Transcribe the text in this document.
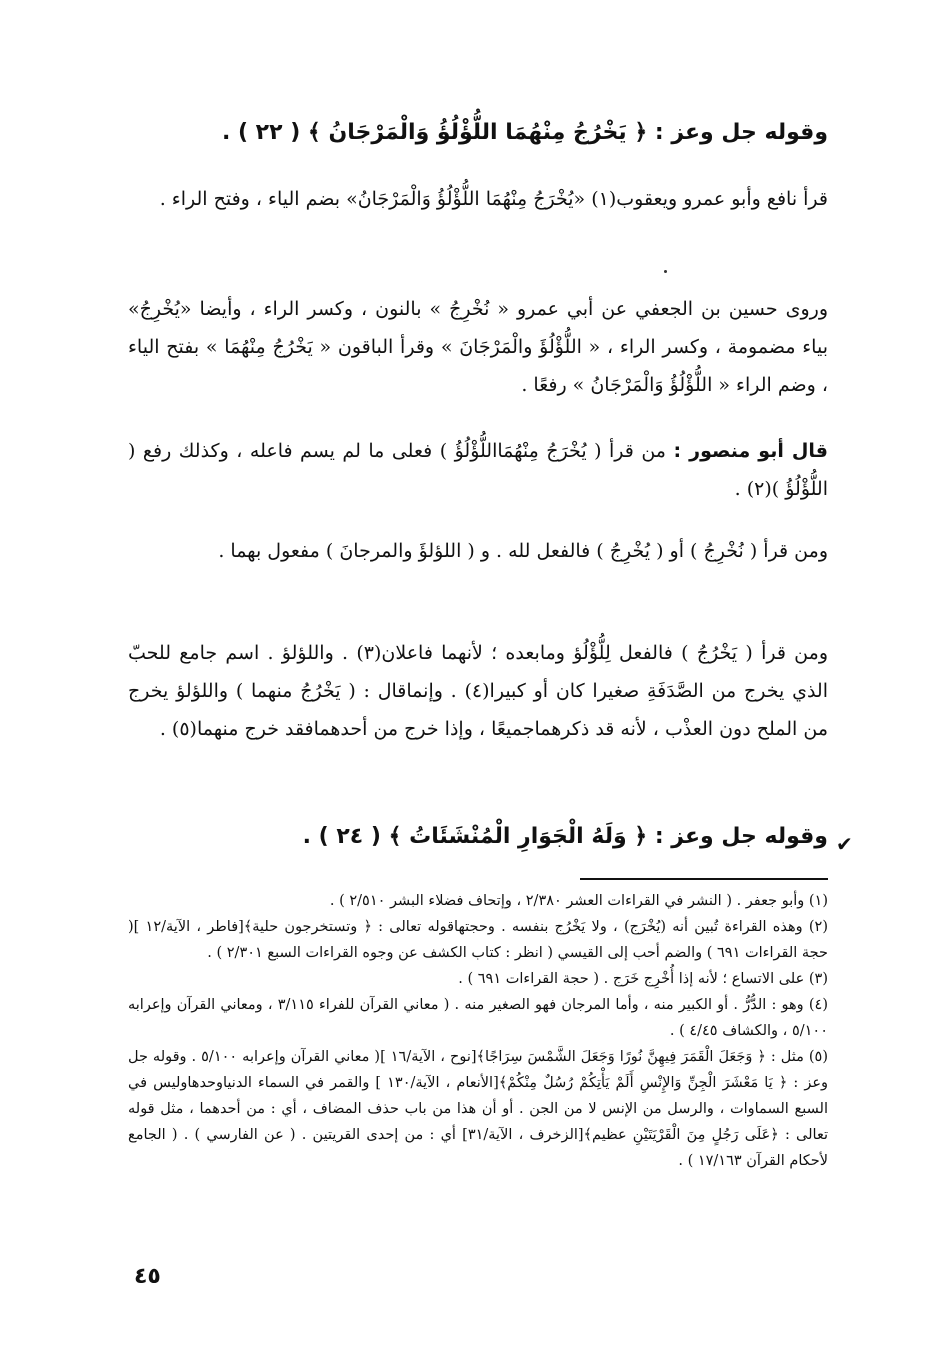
وقوله جل وعز : ﴿ يَخْرُجُ مِنْهُمَا اللُّؤْلُؤُ وَالْمَرْجَانُ ﴾ ( ٢٢ ) .
قرأ نافع وأبو عمرو ويعقوب(١) «يُخْرَجُ مِنْهُمَا اللُّؤْلُؤُ وَالْمَرْجَانُ» بضم الياء ، وفتح الراء .
وروى حسين بن الجعفي عن أبي عمرو « نُخْرِجُ » بالنون ، وكسر الراء ، وأيضا «يُخْرِجُ» بياء مضمومة ، وكسر الراء ، « اللُّؤْلُؤَ والْمَرْجَانَ » وقرأ الباقون « يَخْرُجُ مِنْهُمَا » بفتح الياء ، وضم الراء « اللُّؤْلُؤُ وَالْمَرْجَانُ » رفعًا .
قال أبو منصور : من قرأ ( يُخْرَجُ مِنْهُمَااللُّؤْلُؤُ ) فعلى ما لم يسم فاعله ، وكذلك رفع ( اللُّؤْلُؤُ )(٢) .
ومن قرأ ( نُخْرِجُ ) أو ( يُخْرِجُ ) فالفعل لله . و ( اللؤلؤَ والمرجانَ ) مفعول بهما .
ومن قرأ ( يَخْرُجُ ) فالفعل لِلُّؤْلُؤ ومابعده ؛ لأنهما فاعلان(٣) . واللؤلؤ . اسم جامع للحبّ الذي يخرج من الصَّدَفَةِ صغيرا كان أو كبيرا(٤) . وإنماقال : ( يَخْرُجُ منهما ) واللؤلؤ يخرج من الملح دون العذْب ، لأنه قد ذكرهماجميعًا ، وإذا خرج من أحدهمافقد خرج منهما(٥) .
وقوله جل وعز : ﴿ وَلَهُ الْجَوَارِ الْمُنْشَئَاتُ ﴾ ( ٢٤ ) . ✔

(١) وأبو جعفر . ( النشر في القراءات العشر ٢/٣٨٠ ، وإتحاف فضلاء البشر ٢/٥١٠ ) .

(٢) وهذه القراءة تُبين أنه (يُخْرَج) ، ولا يَخْرُج بنفسه . وحجتهاقوله تعالى : ﴿ وتستخرجون حلية﴾[فاطر ، الآية/١٢ ]( حجة القراءات ٦٩١ ) والضم أحب إلى القيسي ( انظر : كتاب الكشف عن وجوه القراءات السبع ٢/٣٠١ ) .

(٣) على الاتساع ؛ لأنه إذا أُخْرِج خَرَج . ( حجة القراءات ٦٩١ ) .

(٤) وهو : الدُّرُّ . أو الكبير منه ، وأما المرجان فهو الصغير منه . ( معاني القرآن للفراء ٣/١١٥ ، ومعاني القرآن وإعرابه ٥/١٠٠ ، والكشاف ٤/٤٥ ) .

(٥) مثل : ﴿ وَجَعَلَ الْقَمَرَ فِيهِنَّ نُورًا وَجَعَلَ الشَّمْسَ سِرَاجًا﴾[نوح ، الآية/١٦ ]( معاني القرآن وإعرابه ٥/١٠٠ . وقوله جل وعز : ﴿ يَا مَعْشَرَ الْجِنِّ وَالإِنْسِ أَلَمْ يَأْتِكُمْ رُسُلٌ مِنْكُمْ﴾[الأنعام ، الآية/١٣٠ ] والقمر في السماء الدنياوحدهاوليس في السبع السماوات ، والرسل من الإنس لا من الجن . أو أن هذا من باب حذف المضاف ، أي : من أحدهما ، مثل قوله تعالى : ﴿عَلَى رَجُلٍ مِنَ الْقَرْيَتَيْنِ عظيم﴾[الزخرف ، الآية/٣١] أي : من إحدى القريتين . ( عن الفارسي ) . ( الجامع لأحكام القرآن ١٧/١٦٣ ) .

٤٥
